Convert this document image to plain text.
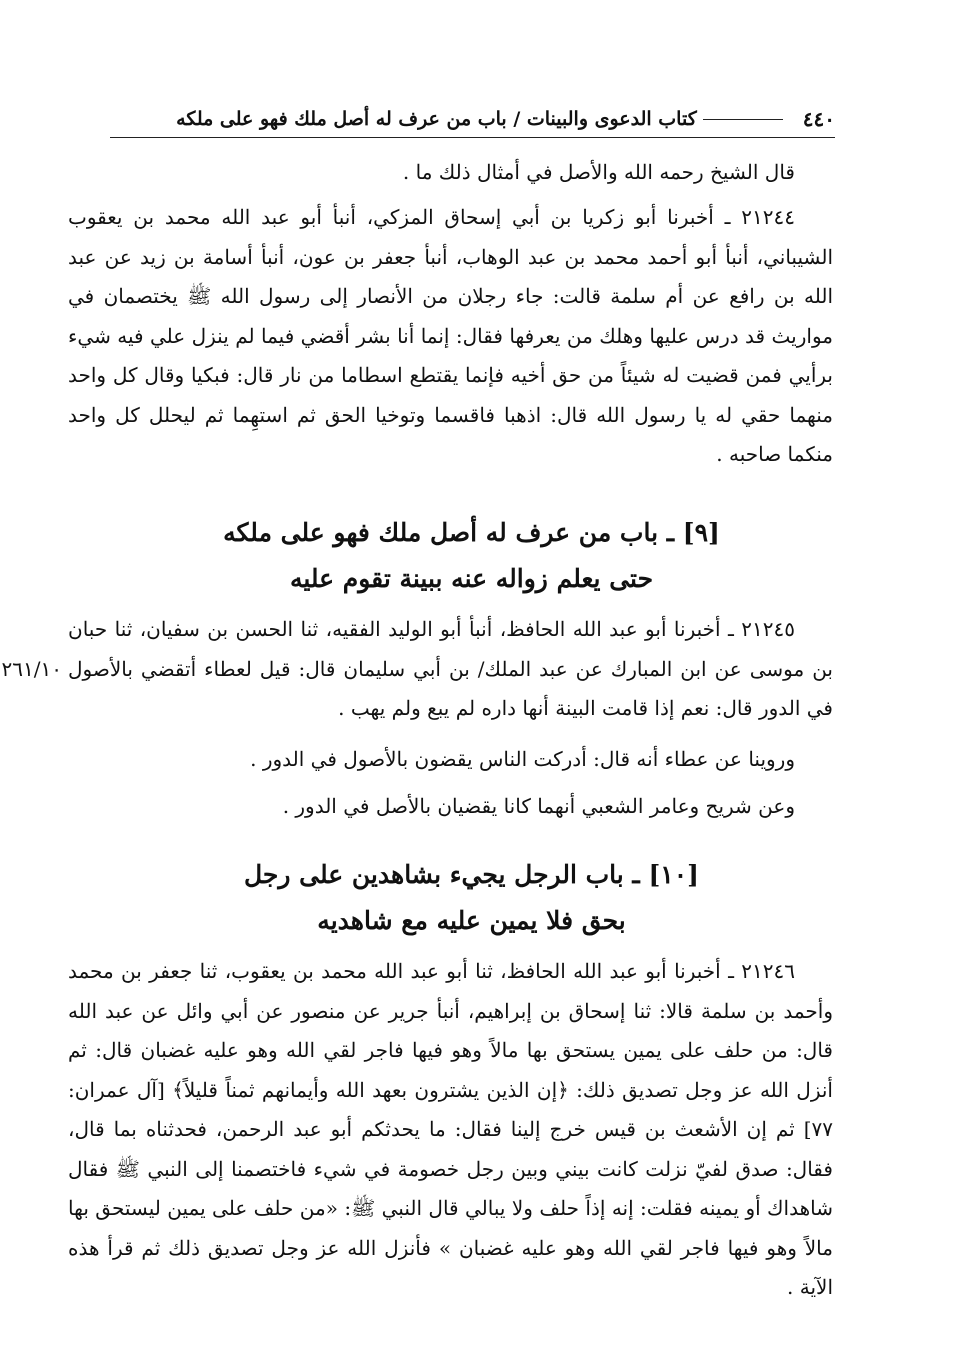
٤٤٠
كتاب الدعوى والبينات / باب من عرف له أصل ملك فهو على ملكه
قال الشيخ رحمه الله والأصل في أمثال ذلك ما .
٢١٢٤٤ ـ أخبرنا أبو زكريا بن أبي إسحاق المزكي، أنبأ أبو عبد الله محمد بن يعقوب الشيباني، أنبأ أبو أحمد محمد بن عبد الوهاب، أنبأ جعفر بن عون، أنبأ أسامة بن زيد عن عبد الله بن رافع عن أم سلمة قالت: جاء رجلان من الأنصار إلى رسول الله ﷺ يختصمان في مواريث قد درس عليها وهلك من يعرفها فقال: إنما أنا بشر أقضي فيما لم ينزل علي فيه شيء برأيي فمن قضيت له شيئاً من حق أخيه فإنما يقتطع اسطاما من نار قال: فبكيا وقال كل واحد منهما حقي له يا رسول الله قال: اذهبا فاقسما وتوخيا الحق ثم استهِما ثم ليحلل كل واحد منكما صاحبه .
[٩] ـ باب من عرف له أصل ملك فهو على ملكه
حتى يعلم زواله عنه ببينة تقوم عليه
٢١٢٤٥ ـ أخبرنا أبو عبد الله الحافظ، أنبأ أبو الوليد الفقيه، ثنا الحسن بن سفيان، ثنا حبان بن موسى عن ابن المبارك عن عبد الملك/ بن أبي سليمان قال: قيل لعطاء أتقضي بالأصول في الدور قال: نعم إذا قامت البينة أنها داره لم يبع ولم يهب .
٢٦١/١٠
وروينا عن عطاء أنه قال: أدركت الناس يقضون بالأصول في الدور .
وعن شريح وعامر الشعبي أنهما كانا يقضيان بالأصل في الدور .
[١٠] ـ باب الرجل يجيء بشاهدين على رجل
بحق فلا يمين عليه مع شاهديه
٢١٢٤٦ ـ أخبرنا أبو عبد الله الحافظ، ثنا أبو عبد الله محمد بن يعقوب، ثنا جعفر بن محمد وأحمد بن سلمة قالا: ثنا إسحاق بن إبراهيم، أنبأ جرير عن منصور عن أبي وائل عن عبد الله قال: من حلف على يمين يستحق بها مالاً وهو فيها فاجر لقي الله وهو عليه غضبان قال: ثم أنزل الله عز وجل تصديق ذلك: ﴿إن الذين يشترون بعهد الله وأيمانهم ثمناً قليلاً﴾ [آل عمران: ٧٧] ثم إن الأشعث بن قيس خرج إلينا فقال: ما يحدثكم أبو عبد الرحمن، فحدثناه بما قال، فقال: صدق لفيّ نزلت كانت بيني وبين رجل خصومة في شيء فاختصمنا إلى النبي ﷺ فقال شاهداك أو يمينه فقلت: إنه إذاً حلف ولا يبالي قال النبي ﷺ: «من حلف على يمين ليستحق بها مالاً وهو فيها فاجر لقي الله وهو عليه غضبان » فأنزل الله عز وجل تصديق ذلك ثم قرأ هذه الآية .
